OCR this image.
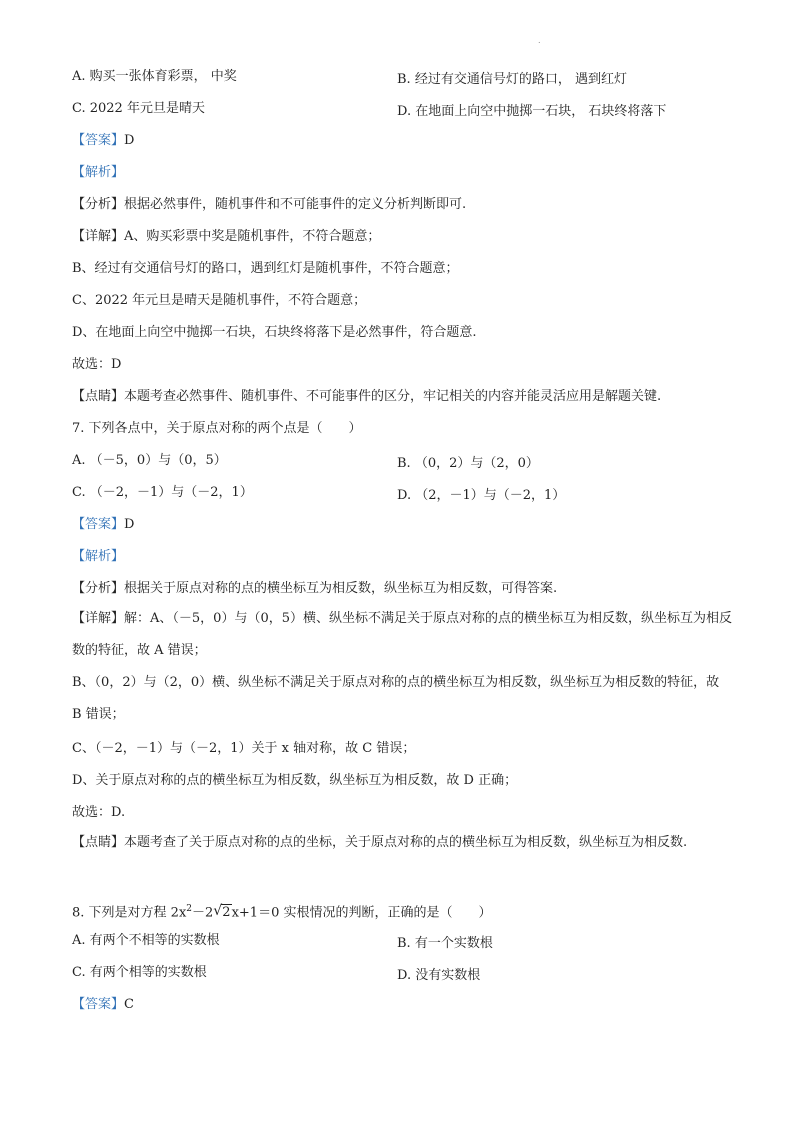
.
A. 购买一张体育彩票， 中奖	B. 经过有交通信号灯的路口， 遇到红灯
C. 2022 年元旦是晴天	D. 在地面上向空中抛掷一石块， 石块终将落下
【答案】D
【解析】
【分析】根据必然事件，随机事件和不可能事件的定义分析判断即可.
【详解】A、购买彩票中奖是随机事件，不符合题意；
B、经过有交通信号灯的路口，遇到红灯是随机事件，不符合题意；
C、2022 年元旦是晴天是随机事件，不符合题意；
D、在地面上向空中抛掷一石块，石块终将落下是必然事件，符合题意.
故选：D
【点睛】本题考查必然事件、随机事件、不可能事件的区分，牢记相关的内容并能灵活应用是解题关键.
7. 下列各点中，关于原点对称的两个点是（　　）
A. （－5，0）与（0，5）	B. （0，2）与（2，0）
C. （－2，－1）与（－2，1）	D. （2，－1）与（－2，1）
【答案】D
【解析】
【分析】根据关于原点对称的点的横坐标互为相反数，纵坐标互为相反数，可得答案.
【详解】解：A、（－5，0）与（0，5）横、纵坐标不满足关于原点对称的点的横坐标互为相反数，纵坐标互为相反数的特征，故 A 错误；
B、（0，2）与（2，0）横、纵坐标不满足关于原点对称的点的横坐标互为相反数，纵坐标互为相反数的特征，故 B 错误；
C、（－2，－1）与（－2，1）关于 x 轴对称，故 C 错误；
D、关于原点对称的点的横坐标互为相反数，纵坐标互为相反数，故 D 正确；
故选：D.
【点睛】本题考查了关于原点对称的点的坐标，关于原点对称的点的横坐标互为相反数，纵坐标互为相反数.
8. 下列是对方程 $2x^2-2$ √ 2x+1＝0 实根情况的判断，正确的是（　　）
A. 有两个不相等的实数根	B. 有一个实数根
C. 有两个相等的实数根	D. 没有实数根
【答案】C
